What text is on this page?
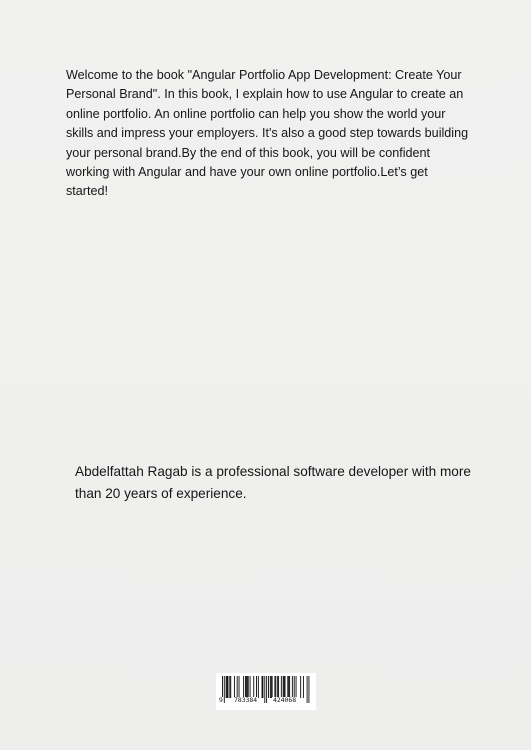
Welcome to the book "Angular Portfolio App Development: Create Your Personal Brand". In this book, I explain how to use Angular to create an online portfolio. An online portfolio can help you show the world your skills and impress your employers. It's also a good step towards building your personal brand.By the end of this book, you will be confident working with Angular and have your own online portfolio.Let’s get started!

Abdelfattah Ragab is a professional software developer with more than 20 years of experience.

9 783384 424068
